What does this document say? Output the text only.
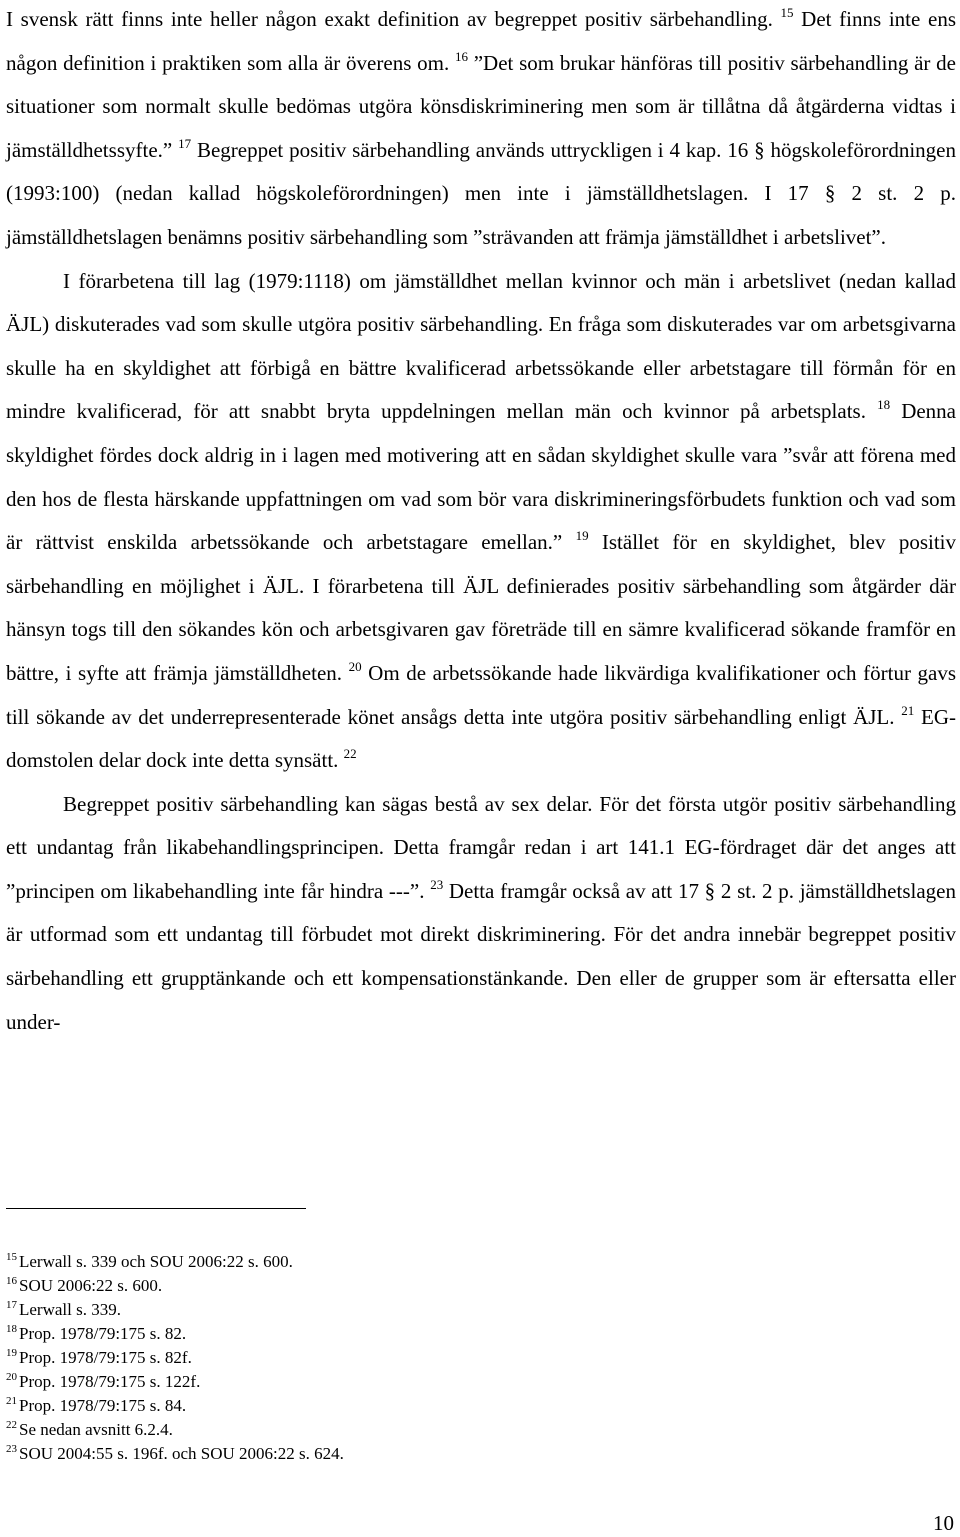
I svensk rätt finns inte heller någon exakt definition av begreppet positiv särbehandling. $^{15}$ Det finns inte ens någon definition i praktiken som alla är överens om. $^{16}$ ”Det som brukar hänföras till positiv särbehandling är de situationer som normalt skulle bedömas utgöra könsdiskriminering men som är tillåtna då åtgärderna vidtas i jämställdhetssyfte.” $^{17}$ Begreppet positiv särbehandling används uttryckligen i 4 kap. 16 § högskoleförordningen (1993:100) (nedan kallad högskoleförordningen) men inte i jämställdhetslagen. I 17 § 2 st. 2 p. jämställdhetslagen benämns positiv särbehandling som ”strävanden att främja jämställdhet i arbetslivet”.

I förarbetena till lag (1979:1118) om jämställdhet mellan kvinnor och män i arbetslivet (nedan kallad ÄJL) diskuterades vad som skulle utgöra positiv särbehandling. En fråga som diskuterades var om arbetsgivarna skulle ha en skyldighet att förbigå en bättre kvalificerad arbetssökande eller arbetstagare till förmån för en mindre kvalificerad, för att snabbt bryta uppdelningen mellan män och kvinnor på arbetsplats. $^{18}$ Denna skyldighet fördes dock aldrig in i lagen med motivering att en sådan skyldighet skulle vara ”svår att förena med den hos de flesta härskande uppfattningen om vad som bör vara diskrimineringsförbudets funktion och vad som är rättvist enskilda arbetssökande och arbetstagare emellan.” $^{19}$ Istället för en skyldighet, blev positiv särbehandling en möjlighet i ÄJL. I förarbetena till ÄJL definierades positiv särbehandling som åtgärder där hänsyn togs till den sökandes kön och arbetsgivaren gav företräde till en sämre kvalificerad sökande framför en bättre, i syfte att främja jämställdheten. $^{20}$ Om de arbetssökande hade likvärdiga kvalifikationer och förtur gavs till sökande av det underrepresenterade könet ansågs detta inte utgöra positiv särbehandling enligt ÄJL. $^{21}$ EG-domstolen delar dock inte detta synsätt. $^{22}$

Begreppet positiv särbehandling kan sägas bestå av sex delar. För det första utgör positiv särbehandling ett undantag från likabehandlingsprincipen. Detta framgår redan i art 141.1 EG-fördraget där det anges att ”principen om likabehandling inte får hindra ---”. $^{23}$ Detta framgår också av att 17 § 2 st. 2 p. jämställdhetslagen är utformad som ett undantag till förbudet mot direkt diskriminering. För det andra innebär begreppet positiv särbehandling ett grupptänkande och ett kompensationstänkande. Den eller de grupper som är eftersatta eller under-

$^{15}$ Lerwall s. 339 och SOU 2006:22 s. 600.
$^{16}$ SOU 2006:22 s. 600.
$^{17}$ Lerwall s. 339.
$^{18}$ Prop. 1978/79:175 s. 82.
$^{19}$ Prop. 1978/79:175 s. 82f.
$^{20}$ Prop. 1978/79:175 s. 122f.
$^{21}$ Prop. 1978/79:175 s. 84.
$^{22}$ Se nedan avsnitt 6.2.4.
$^{23}$ SOU 2004:55 s. 196f. och SOU 2006:22 s. 624.
10
